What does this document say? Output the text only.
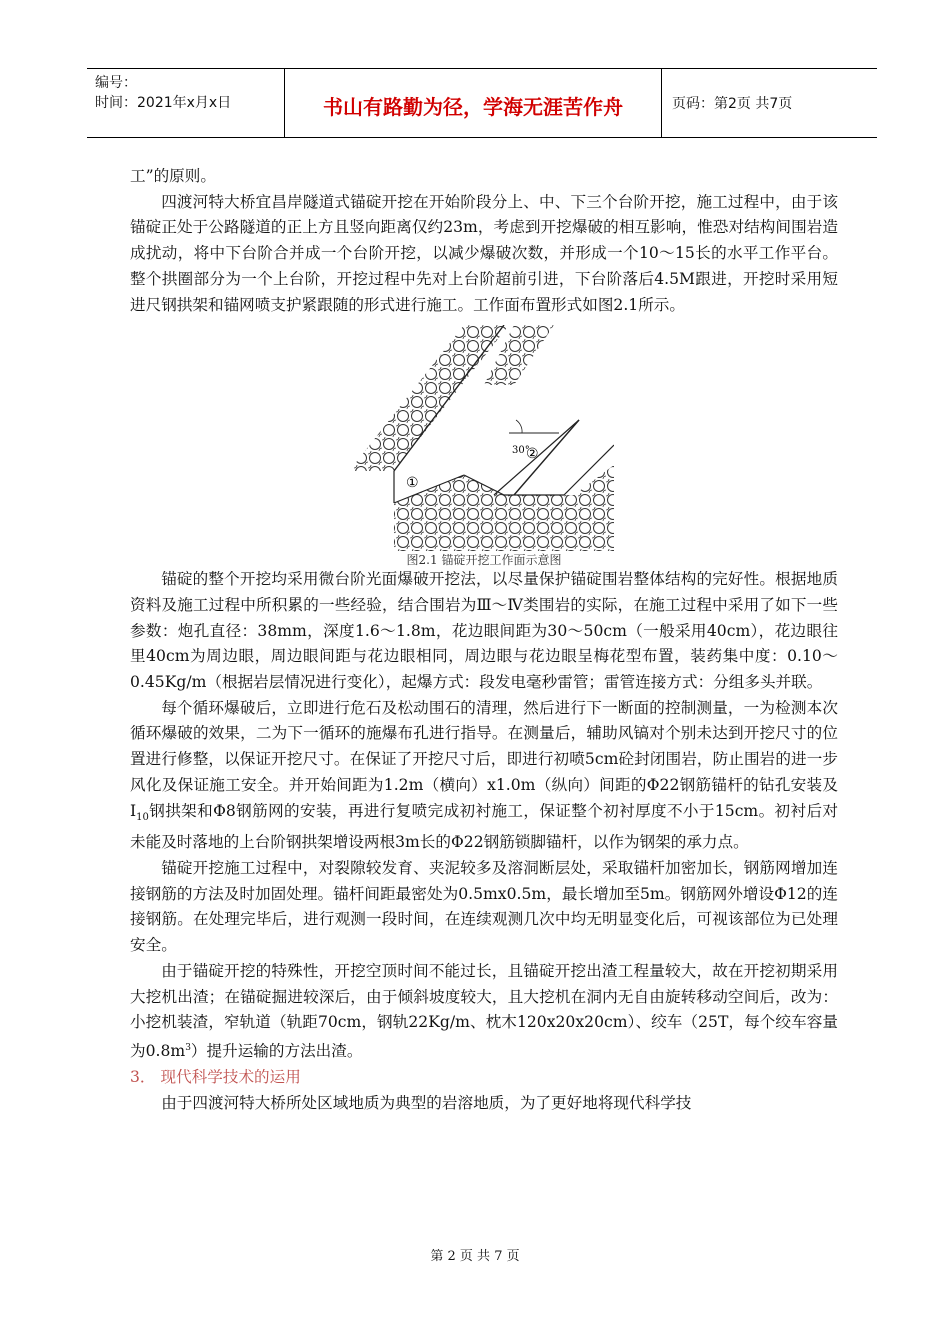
编号：
时间：2021年x月x日	书山有路勤为径，学海无涯苦作舟	页码：第2页 共7页

工”的原则。

四渡河特大桥宜昌岸隧道式锚碇开挖在开始阶段分上、中、下三个台阶开挖，施工过程中，由于该锚碇正处于公路隧道的正上方且竖向距离仅约23m，考虑到开挖爆破的相互影响，惟恐对结构间围岩造成扰动，将中下台阶合并成一个台阶开挖，以减少爆破次数，并形成一个10～15长的水平工作平台。整个拱圈部分为一个上台阶，开挖过程中先对上台阶超前引进，下台阶落后4.5M跟进，开挖时采用短进尺钢拱架和锚网喷支护紧跟随的形式进行施工。工作面布置形式如图2.1所示。

30°
①
②
图2.1 锚碇开挖工作面示意图

锚碇的整个开挖均采用微台阶光面爆破开挖法，以尽量保护锚碇围岩整体结构的完好性。根据地质资料及施工过程中所积累的一些经验，结合围岩为Ⅲ～Ⅳ类围岩的实际，在施工过程中采用了如下一些参数：炮孔直径：38mm，深度1.6～1.8m，花边眼间距为30～50cm（一般采用40cm），花边眼往里40cm为周边眼，周边眼间距与花边眼相同，周边眼与花边眼呈梅花型布置，装药集中度：0.10～0.45Kg/m（根据岩层情况进行变化），起爆方式：段发电毫秒雷管；雷管连接方式：分组多头并联。

每个循环爆破后，立即进行危石及松动围石的清理，然后进行下一断面的控制测量，一为检测本次循环爆破的效果，二为下一循环的施爆布孔进行指导。在测量后，辅助风镐对个别未达到开挖尺寸的位置进行修整，以保证开挖尺寸。在保证了开挖尺寸后，即进行初喷5cm砼封闭围岩，防止围岩的进一步风化及保证施工安全。并开始间距为1.2m（横向）x1.0m（纵向）间距的Φ22钢筋锚杆的钻孔安装及$I_{10}$钢拱架和Φ8钢筋网的安装，再进行复喷完成初衬施工，保证整个初衬厚度不小于15cm。初衬后对未能及时落地的上台阶钢拱架增设两根3m长的Φ22钢筋锁脚锚杆，以作为钢架的承力点。

锚碇开挖施工过程中，对裂隙较发育、夹泥较多及溶洞断层处，采取锚杆加密加长，钢筋网增加连接钢筋的方法及时加固处理。锚杆间距最密处为0.5mx0.5m，最长增加至5m。钢筋网外增设Φ12的连接钢筋。在处理完毕后，进行观测一段时间，在连续观测几次中均无明显变化后，可视该部位为已处理安全。

由于锚碇开挖的特殊性，开挖空顶时间不能过长，且锚碇开挖出渣工程量较大，故在开挖初期采用大挖机出渣；在锚碇掘进较深后，由于倾斜坡度较大，且大挖机在洞内无自由旋转移动空间后，改为：小挖机装渣，窄轨道（轨距70cm，钢轨22Kg/m、枕木120x20x20cm）、绞车（25T，每个绞车容量为$0.8m^3$）提升运输的方法出渣。

3． 现代科学技术的运用

由于四渡河特大桥所处区域地质为典型的岩溶地质，为了更好地将现代科学技

第 2 页 共 7 页
